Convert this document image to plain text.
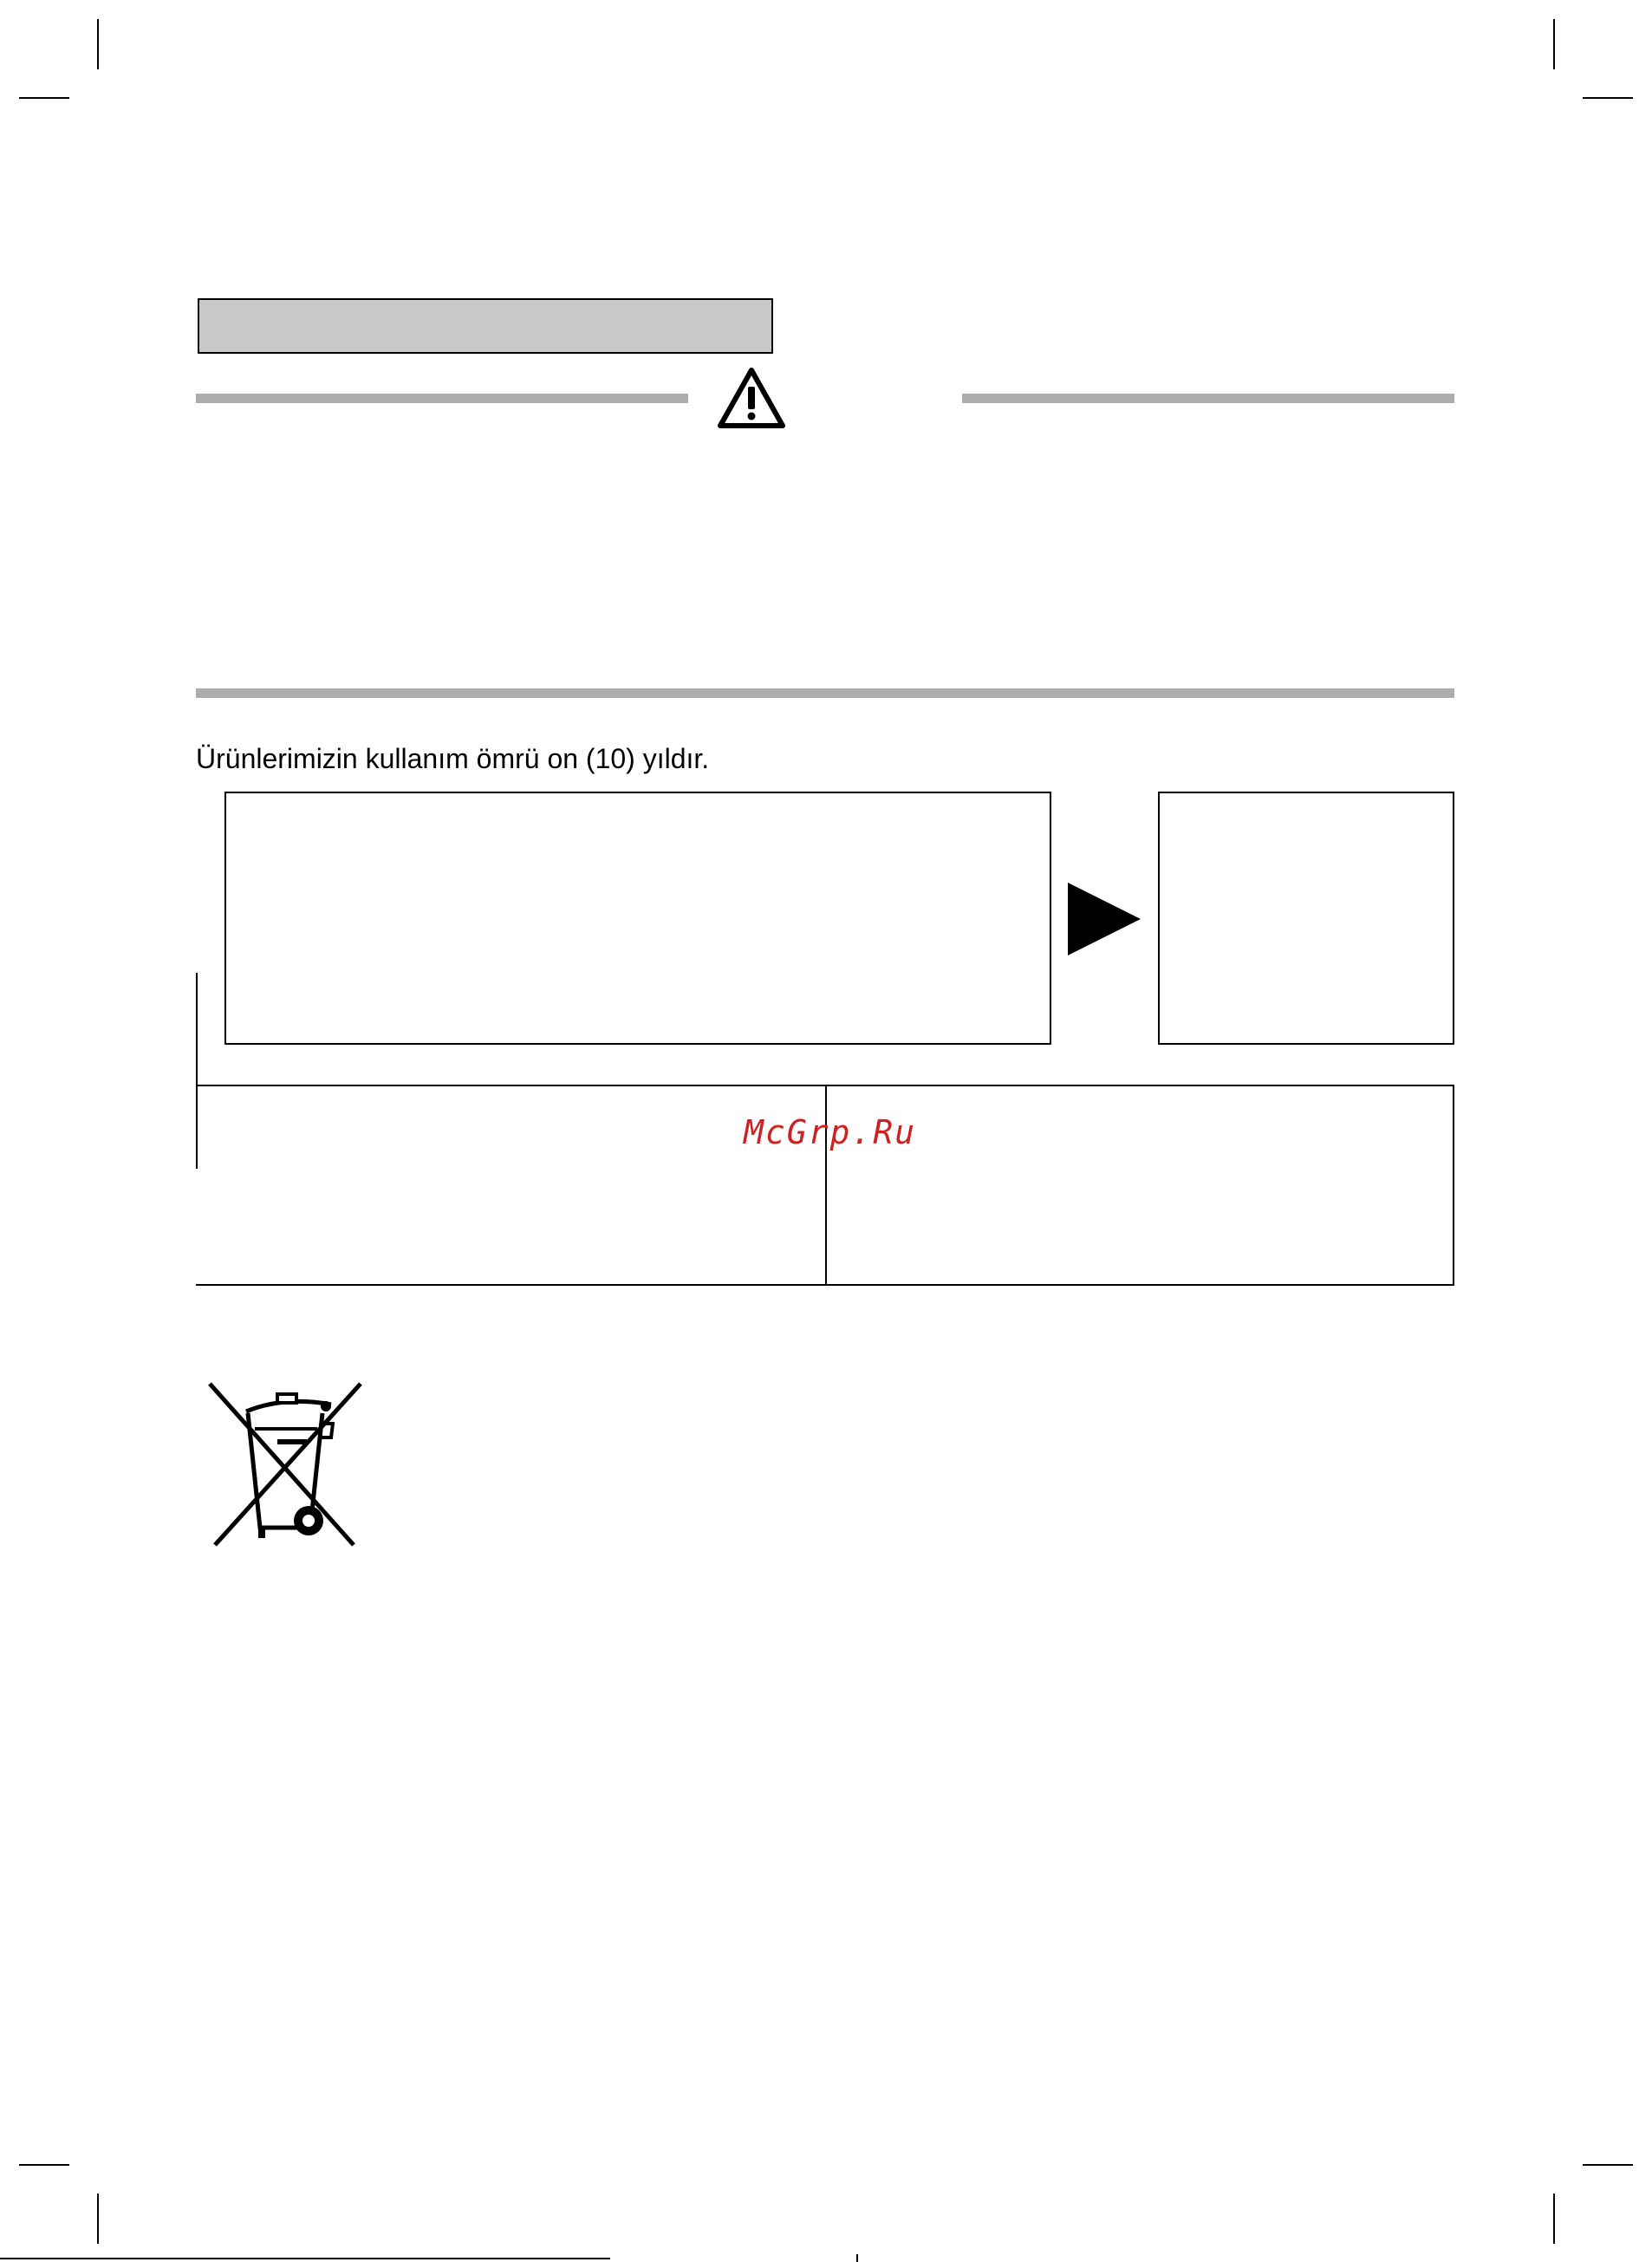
Ürünlerimizin kullanım ömrü on (10) yıldır.
McGrp.Ru
